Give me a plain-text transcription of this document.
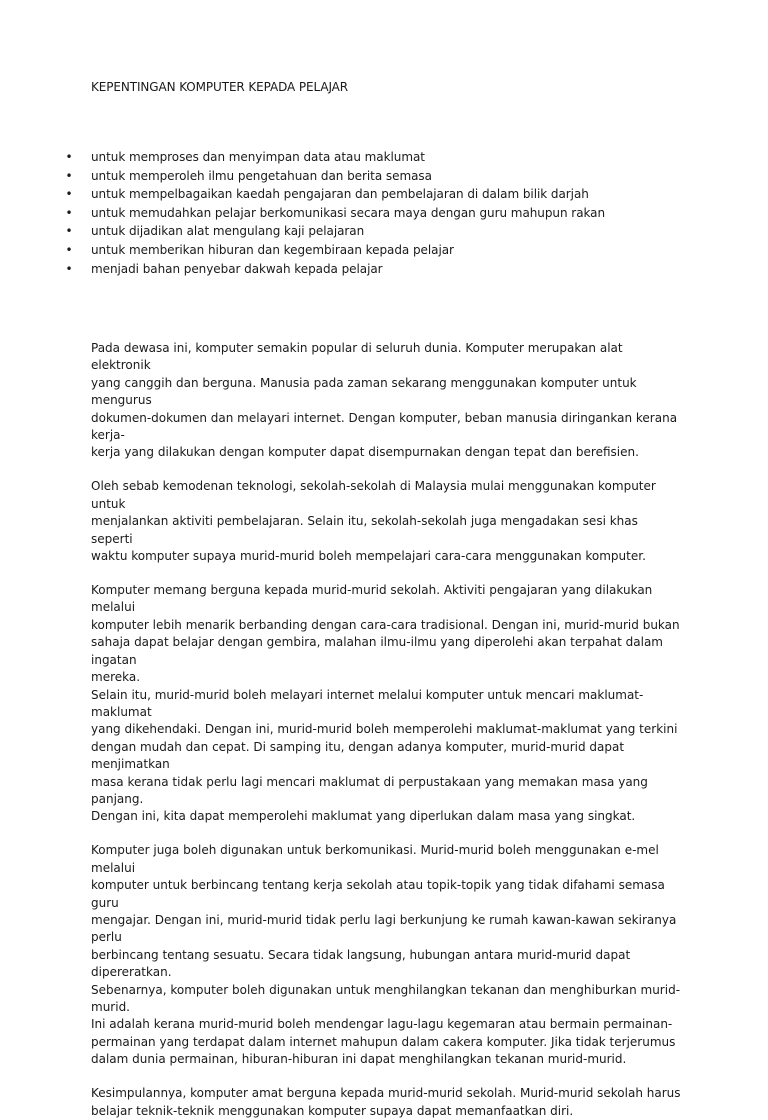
KEPENTINGAN KOMPUTER KEPADA PELAJAR
• untuk memproses dan menyimpan data atau maklumat
• untuk memperoleh ilmu pengetahuan dan berita semasa
• untuk mempelbagaikan kaedah pengajaran dan pembelajaran di dalam bilik darjah
• untuk memudahkan pelajar berkomunikasi secara maya dengan guru mahupun rakan
• untuk dijadikan alat mengulang kaji pelajaran
• untuk memberikan hiburan dan kegembiraan kepada pelajar
• menjadi bahan penyebar dakwah kepada pelajar

Pada dewasa ini, komputer semakin popular di seluruh dunia. Komputer merupakan alat elektronik
yang canggih dan berguna. Manusia pada zaman sekarang menggunakan komputer untuk mengurus
dokumen-dokumen dan melayari internet. Dengan komputer, beban manusia diringankan kerana kerja-
kerja yang dilakukan dengan komputer dapat disempurnakan dengan tepat dan berefisien.

Oleh sebab kemodenan teknologi, sekolah-sekolah di Malaysia mulai menggunakan komputer untuk
menjalankan aktiviti pembelajaran. Selain itu, sekolah-sekolah juga mengadakan sesi khas seperti
waktu komputer supaya murid-murid boleh mempelajari cara-cara menggunakan komputer.

Komputer memang berguna kepada murid-murid sekolah. Aktiviti pengajaran yang dilakukan melalui
komputer lebih menarik berbanding dengan cara-cara tradisional. Dengan ini, murid-murid bukan
sahaja dapat belajar dengan gembira, malahan ilmu-ilmu yang diperolehi akan terpahat dalam ingatan
mereka.
Selain itu, murid-murid boleh melayari internet melalui komputer untuk mencari maklumat-maklumat
yang dikehendaki. Dengan ini, murid-murid boleh memperolehi maklumat-maklumat yang terkini
dengan mudah dan cepat. Di samping itu, dengan adanya komputer, murid-murid dapat menjimatkan
masa kerana tidak perlu lagi mencari maklumat di perpustakaan yang memakan masa yang panjang.
Dengan ini, kita dapat memperolehi maklumat yang diperlukan dalam masa yang singkat.

Komputer juga boleh digunakan untuk berkomunikasi. Murid-murid boleh menggunakan e-mel melalui
komputer untuk berbincang tentang kerja sekolah atau topik-topik yang tidak difahami semasa guru
mengajar. Dengan ini, murid-murid tidak perlu lagi berkunjung ke rumah kawan-kawan sekiranya perlu
berbincang tentang sesuatu. Secara tidak langsung, hubungan antara murid-murid dapat dipereratkan.
Sebenarnya, komputer boleh digunakan untuk menghilangkan tekanan dan menghiburkan murid-murid.
Ini adalah kerana murid-murid boleh mendengar lagu-lagu kegemaran atau bermain permainan-
permainan yang terdapat dalam internet mahupun dalam cakera komputer. Jika tidak terjerumus
dalam dunia permainan, hiburan-hiburan ini dapat menghilangkan tekanan murid-murid.

Kesimpulannya, komputer amat berguna kepada murid-murid sekolah. Murid-murid sekolah harus
belajar teknik-teknik menggunakan komputer supaya dapat memanfaatkan diri.
